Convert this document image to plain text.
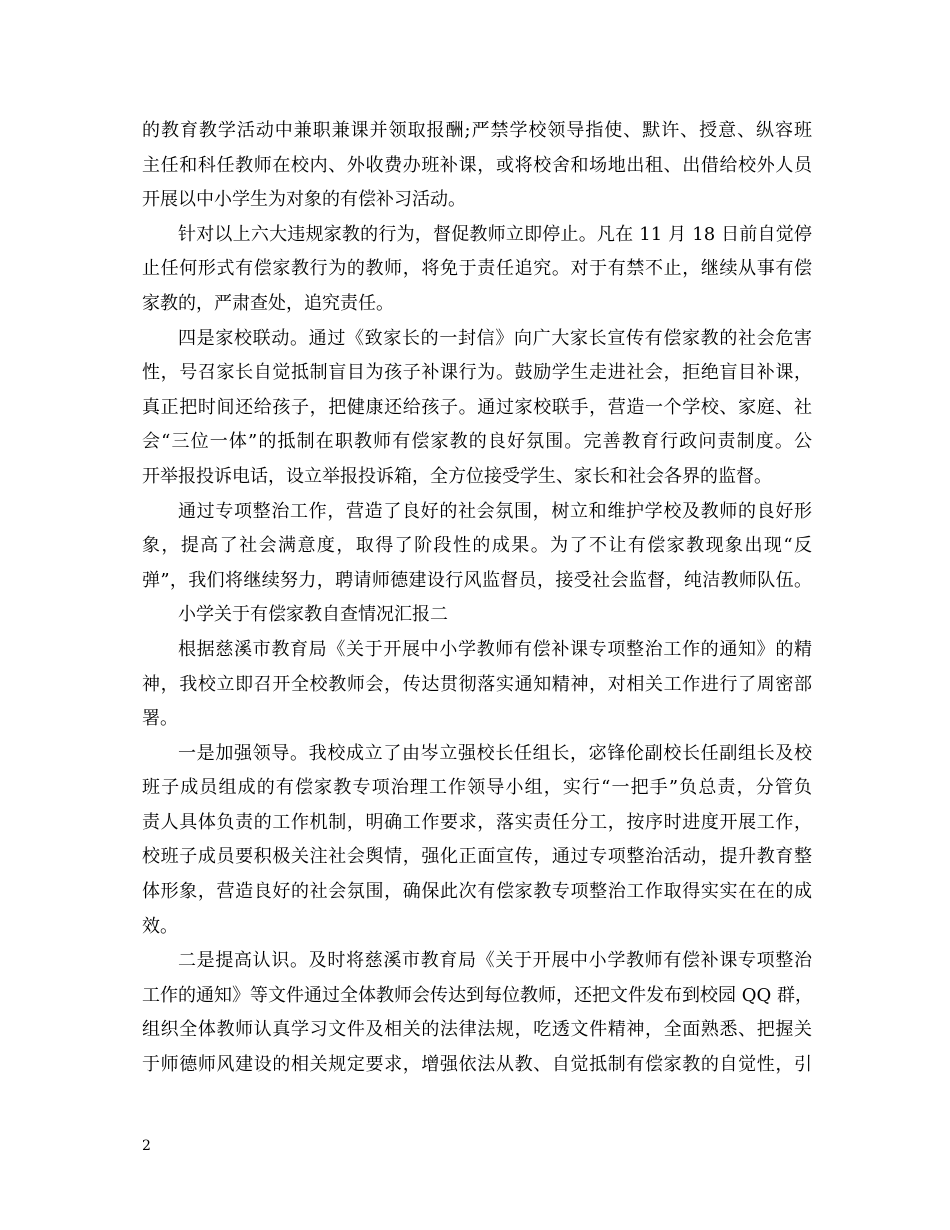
的教育教学活动中兼职兼课并领取报酬;严禁学校领导指使、默许、授意、纵容班
主任和科任教师在校内、外收费办班补课，或将校舍和场地出租、出借给校外人员
开展以中小学生为对象的有偿补习活动。
针对以上六大违规家教的行为，督促教师立即停止。凡在 11 月 18 日前自觉停
止任何形式有偿家教行为的教师，将免于责任追究。对于有禁不止，继续从事有偿
家教的，严肃查处，追究责任。
四是家校联动。通过《致家长的一封信》向广大家长宣传有偿家教的社会危害
性，号召家长自觉抵制盲目为孩子补课行为。鼓励学生走进社会，拒绝盲目补课，
真正把时间还给孩子，把健康还给孩子。通过家校联手，营造一个学校、家庭、社
会“三位一体”的抵制在职教师有偿家教的良好氛围。完善教育行政问责制度。公
开举报投诉电话，设立举报投诉箱，全方位接受学生、家长和社会各界的监督。
通过专项整治工作，营造了良好的社会氛围，树立和维护学校及教师的良好形
象，提高了社会满意度，取得了阶段性的成果。为了不让有偿家教现象出现“反
弹”，我们将继续努力，聘请师德建设行风监督员，接受社会监督，纯洁教师队伍。
小学关于有偿家教自查情况汇报二
根据慈溪市教育局《关于开展中小学教师有偿补课专项整治工作的通知》的精
神，我校立即召开全校教师会，传达贯彻落实通知精神，对相关工作进行了周密部
署。
一是加强领导。我校成立了由岑立强校长任组长，宓锋伦副校长任副组长及校
班子成员组成的有偿家教专项治理工作领导小组，实行“一把手”负总责，分管负
责人具体负责的工作机制，明确工作要求，落实责任分工，按序时进度开展工作，
校班子成员要积极关注社会舆情，强化正面宣传，通过专项整治活动，提升教育整
体形象，营造良好的社会氛围，确保此次有偿家教专项整治工作取得实实在在的成
效。
二是提高认识。及时将慈溪市教育局《关于开展中小学教师有偿补课专项整治
工作的通知》等文件通过全体教师会传达到每位教师，还把文件发布到校园 QQ 群，
组织全体教师认真学习文件及相关的法律法规，吃透文件精神，全面熟悉、把握关
于师德师风建设的相关规定要求，增强依法从教、自觉抵制有偿家教的自觉性，引
2
